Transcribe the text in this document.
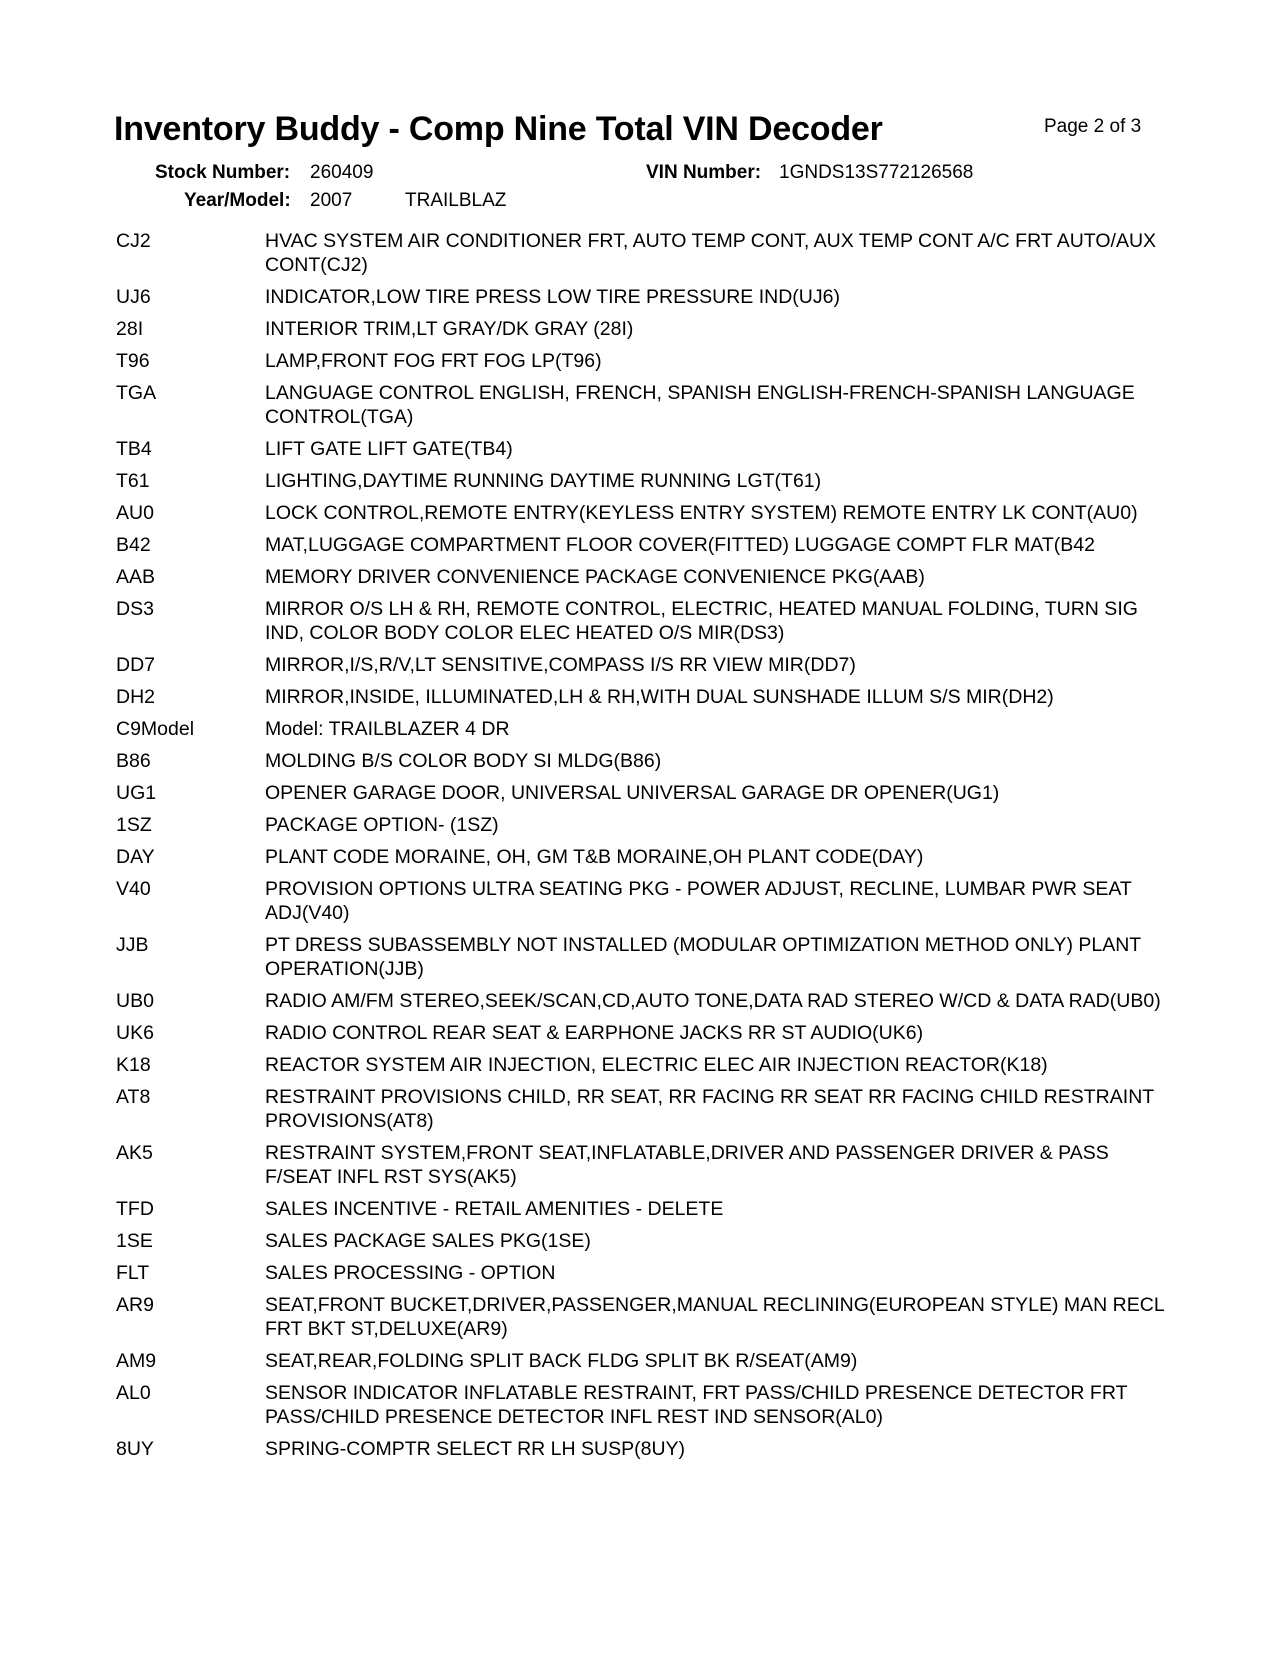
Inventory Buddy - Comp Nine Total VIN Decoder	Page 2 of 3
Stock Number: 260409	VIN Number: 1GNDS13S772126568
Year/Model: 2007	TRAILBLAZ
CJ2	HVAC SYSTEM AIR CONDITIONER FRT, AUTO TEMP CONT, AUX TEMP CONT A/C FRT AUTO/AUX CONT(CJ2)
UJ6	INDICATOR,LOW TIRE PRESS LOW TIRE PRESSURE IND(UJ6)
28I	INTERIOR TRIM,LT GRAY/DK GRAY (28I)
T96	LAMP,FRONT FOG FRT FOG LP(T96)
TGA	LANGUAGE CONTROL ENGLISH, FRENCH, SPANISH ENGLISH-FRENCH-SPANISH LANGUAGE CONTROL(TGA)
TB4	LIFT GATE LIFT GATE(TB4)
T61	LIGHTING,DAYTIME RUNNING DAYTIME RUNNING LGT(T61)
AU0	LOCK CONTROL,REMOTE ENTRY(KEYLESS ENTRY SYSTEM) REMOTE ENTRY LK CONT(AU0)
B42	MAT,LUGGAGE COMPARTMENT FLOOR COVER(FITTED) LUGGAGE COMPT FLR MAT(B42
AAB	MEMORY DRIVER CONVENIENCE PACKAGE CONVENIENCE PKG(AAB)
DS3	MIRROR O/S LH & RH, REMOTE CONTROL, ELECTRIC, HEATED MANUAL FOLDING, TURN SIG IND, COLOR BODY COLOR ELEC HEATED O/S MIR(DS3)
DD7	MIRROR,I/S,R/V,LT SENSITIVE,COMPASS I/S RR VIEW MIR(DD7)
DH2	MIRROR,INSIDE, ILLUMINATED,LH & RH,WITH DUAL SUNSHADE ILLUM S/S MIR(DH2)
C9Model	Model: TRAILBLAZER 4 DR
B86	MOLDING B/S COLOR BODY SI MLDG(B86)
UG1	OPENER GARAGE DOOR, UNIVERSAL UNIVERSAL GARAGE DR OPENER(UG1)
1SZ	PACKAGE OPTION- (1SZ)
DAY	PLANT CODE MORAINE, OH, GM T&B MORAINE,OH PLANT CODE(DAY)
V40	PROVISION OPTIONS ULTRA SEATING PKG - POWER ADJUST, RECLINE, LUMBAR PWR SEAT ADJ(V40)
JJB	PT DRESS SUBASSEMBLY NOT INSTALLED (MODULAR OPTIMIZATION METHOD ONLY) PLANT OPERATION(JJB)
UB0	RADIO AM/FM STEREO,SEEK/SCAN,CD,AUTO TONE,DATA RAD STEREO W/CD & DATA RAD(UB0)
UK6	RADIO CONTROL REAR SEAT & EARPHONE JACKS RR ST AUDIO(UK6)
K18	REACTOR SYSTEM AIR INJECTION, ELECTRIC ELEC AIR INJECTION REACTOR(K18)
AT8	RESTRAINT PROVISIONS CHILD, RR SEAT, RR FACING RR SEAT RR FACING CHILD RESTRAINT PROVISIONS(AT8)
AK5	RESTRAINT SYSTEM,FRONT SEAT,INFLATABLE,DRIVER AND PASSENGER DRIVER & PASS F/SEAT INFL RST SYS(AK5)
TFD	SALES INCENTIVE - RETAIL AMENITIES - DELETE
1SE	SALES PACKAGE SALES PKG(1SE)
FLT	SALES PROCESSING - OPTION
AR9	SEAT,FRONT BUCKET,DRIVER,PASSENGER,MANUAL RECLINING(EUROPEAN STYLE) MAN RECL FRT BKT ST,DELUXE(AR9)
AM9	SEAT,REAR,FOLDING SPLIT BACK FLDG SPLIT BK R/SEAT(AM9)
AL0	SENSOR INDICATOR INFLATABLE RESTRAINT, FRT PASS/CHILD PRESENCE DETECTOR FRT PASS/CHILD PRESENCE DETECTOR INFL REST IND SENSOR(AL0)
8UY	SPRING-COMPTR SELECT RR LH SUSP(8UY)
